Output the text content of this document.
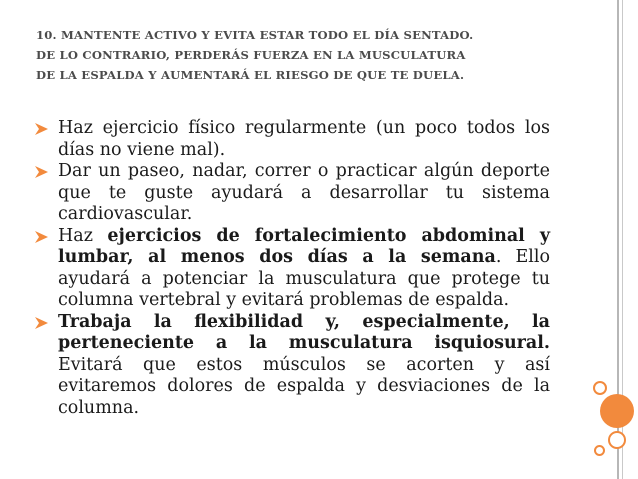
10. MANTENTE ACTIVO Y EVITA ESTAR TODO EL DÍA SENTADO.
DE LO CONTRARIO, PERDERÁS FUERZA EN LA MUSCULATURA
DE LA ESPALDA Y AUMENTARÁ EL RIESGO DE QUE TE DUELA.
Haz ejercicio físico regularmente (un poco todos los
días no viene mal).
Dar un paseo, nadar, correr o practicar algún deporte
que te guste ayudará a desarrollar tu sistema
cardiovascular.
Haz ejercicios de fortalecimiento abdominal y
lumbar, al menos dos días a la semana. Ello
ayudará a potenciar la musculatura que protege tu
columna vertebral y evitará problemas de espalda.
Trabaja la flexibilidad y, especialmente, la
perteneciente a la musculatura isquiosural.
Evitará que estos músculos se acorten y así
evitaremos dolores de espalda y desviaciones de la
columna.
